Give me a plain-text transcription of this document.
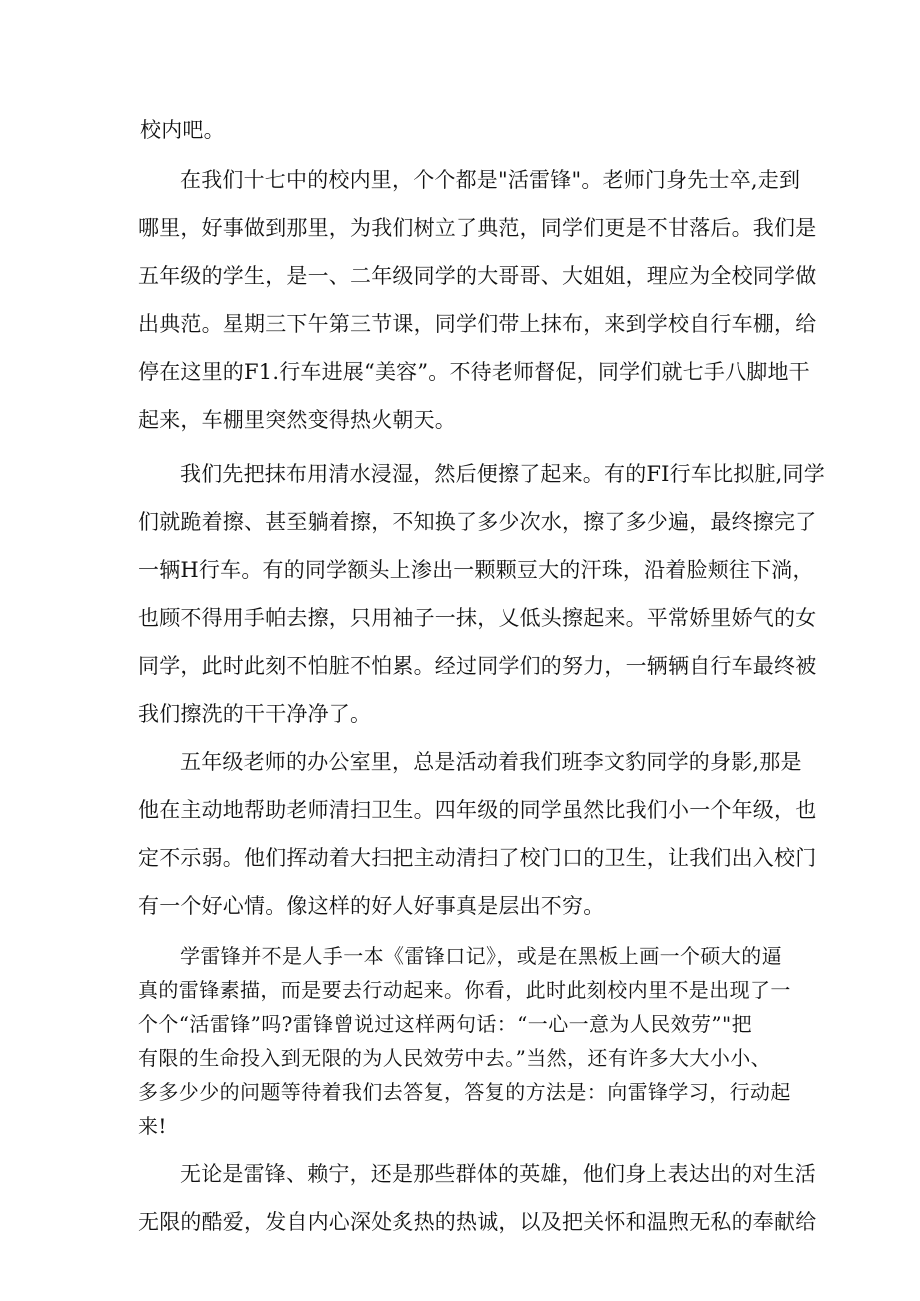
校内吧。
在我们十七中的校内里，个个都是"活雷锋"。老师门身先士卒,走到
哪里，好事做到那里，为我们树立了典范，同学们更是不甘落后。我们是
五年级的学生，是一、二年级同学的大哥哥、大姐姐，理应为全校同学做
出典范。星期三下午第三节课，同学们带上抹布，来到学校自行车棚，给
停在这里的F1.行车进展“美容”。不待老师督促，同学们就七手八脚地干
起来，车棚里突然变得热火朝天。
我们先把抹布用清水浸湿，然后便擦了起来。有的FI行车比拟脏,同学
们就跪着擦、甚至躺着擦，不知换了多少次水，擦了多少遍，最终擦完了
一辆H行车。有的同学额头上渗出一颗颗豆大的汗珠，沿着脸颊往下淌，
也顾不得用手帕去擦，只用袖子一抹，乂低头擦起来。平常娇里娇气的女
同学，此时此刻不怕脏不怕累。经过同学们的努力，一辆辆自行车最终被
我们擦洗的干干净净了。
五年级老师的办公室里，总是活动着我们班李文豹同学的身影,那是
他在主动地帮助老师清扫卫生。四年级的同学虽然比我们小一个年级，也
定不示弱。他们挥动着大扫把主动清扫了校门口的卫生，让我们出入校门
有一个好心情。像这样的好人好事真是层出不穷。
学雷锋并不是人手一本《雷锋口记》，或是在黑板上画一个硕大的逼
真的雷锋素描，而是要去行动起来。你看，此时此刻校内里不是出现了一
个个“活雷锋”吗?雷锋曾说过这样两句话：“一心一意为人民效劳”"把
有限的生命投入到无限的为人民效劳中去。”当然，还有许多大大小小、
多多少少的问题等待着我们去答复，答复的方法是：向雷锋学习，行动起
来!
无论是雷锋、赖宁，还是那些群体的英雄，他们身上表达出的对生活
无限的酷爱，发自内心深处炙热的热诚，以及把关怀和温煦无私的奉献给
